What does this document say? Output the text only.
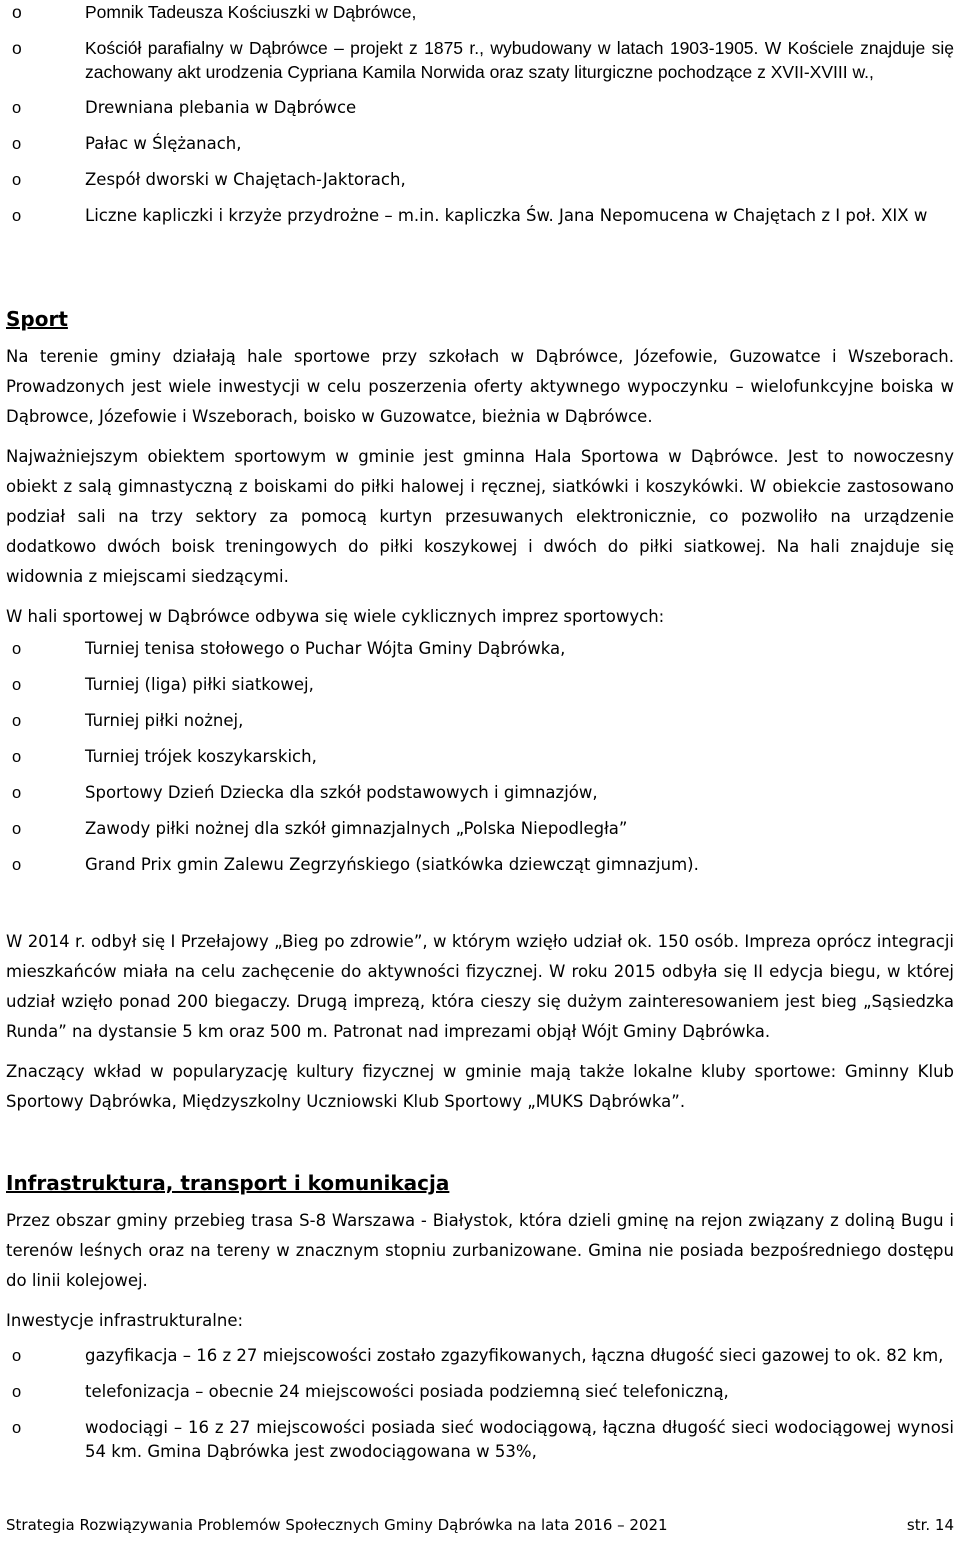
o	Pomnik Tadeusza Kościuszki w Dąbrówce,
o	Kościół parafialny w Dąbrówce – projekt z 1875 r., wybudowany w latach 1903-1905. W Kościele znajduje się zachowany akt urodzenia Cypriana Kamila Norwida oraz szaty liturgiczne pochodzące z XVII-XVIII w.,
o	Drewniana plebania w Dąbrówce
o	Pałac w Ślężanach,
o	Zespół dworski w Chajętach-Jaktorach,
o	Liczne kapliczki i krzyże przydrożne – m.in. kapliczka Św. Jana Nepomucena w Chajętach z I poł. XIX w
Sport

Na terenie gminy działają hale sportowe przy szkołach w Dąbrówce, Józefowie, Guzowatce i Wszeborach. Prowadzonych jest wiele inwestycji w celu poszerzenia oferty aktywnego wypoczynku – wielofunkcyjne boiska w Dąbrowce, Józefowie i Wszeborach, boisko w Guzowatce, bieżnia w Dąbrówce.

Najważniejszym obiektem sportowym w gminie jest gminna Hala Sportowa w Dąbrówce. Jest to nowoczesny obiekt z salą gimnastyczną z boiskami do piłki halowej i ręcznej, siatkówki i koszykówki. W obiekcie zastosowano podział sali na trzy sektory za pomocą kurtyn przesuwanych elektronicznie, co pozwoliło na urządzenie dodatkowo dwóch boisk treningowych do piłki koszykowej i dwóch do piłki siatkowej. Na hali znajduje się widownia z miejscami siedzącymi.

W hali sportowej w Dąbrówce odbywa się wiele cyklicznych imprez sportowych:

o	Turniej tenisa stołowego o Puchar Wójta Gminy Dąbrówka,
o	Turniej (liga) piłki siatkowej,
o	Turniej piłki nożnej,
o	Turniej trójek koszykarskich,
o	Sportowy Dzień Dziecka dla szkół podstawowych i gimnazjów,
o	Zawody piłki nożnej dla szkół gimnazjalnych „Polska Niepodległa”
o	Grand Prix gmin Zalewu Zegrzyńskiego (siatkówka dziewcząt gimnazjum).

W 2014 r. odbył się I Przełajowy „Bieg po zdrowie”, w którym wzięło udział ok. 150 osób. Impreza oprócz integracji mieszkańców miała na celu zachęcenie do aktywności fizycznej. W roku 2015 odbyła się II edycja biegu, w której udział wzięło ponad 200 biegaczy. Drugą imprezą, która cieszy się dużym zainteresowaniem jest bieg „Sąsiedzka Runda” na dystansie 5 km oraz 500 m. Patronat nad imprezami objął Wójt Gminy Dąbrówka.

Znaczący wkład w popularyzację kultury fizycznej w gminie mają także lokalne kluby sportowe: Gminny Klub Sportowy Dąbrówka, Międzyszkolny Uczniowski Klub Sportowy „MUKS Dąbrówka”.

Infrastruktura, transport i komunikacja

Przez obszar gminy przebieg trasa S-8 Warszawa - Białystok, która dzieli gminę na rejon związany z doliną Bugu i terenów leśnych oraz na tereny w znacznym stopniu zurbanizowane. Gmina nie posiada bezpośredniego dostępu do linii kolejowej.

Inwestycje infrastrukturalne:

o	gazyfikacja – 16 z 27 miejscowości zostało zgazyfikowanych, łączna długość sieci gazowej to ok. 82 km,
o	telefonizacja – obecnie 24 miejscowości posiada podziemną sieć telefoniczną,
o	wodociągi – 16 z 27 miejscowości posiada sieć wodociągową, łączna długość sieci wodociągowej wynosi 54 km. Gmina Dąbrówka jest zwodociągowana w 53%,
Strategia Rozwiązywania Problemów Społecznych Gminy Dąbrówka na lata 2016 – 2021	str. 14
